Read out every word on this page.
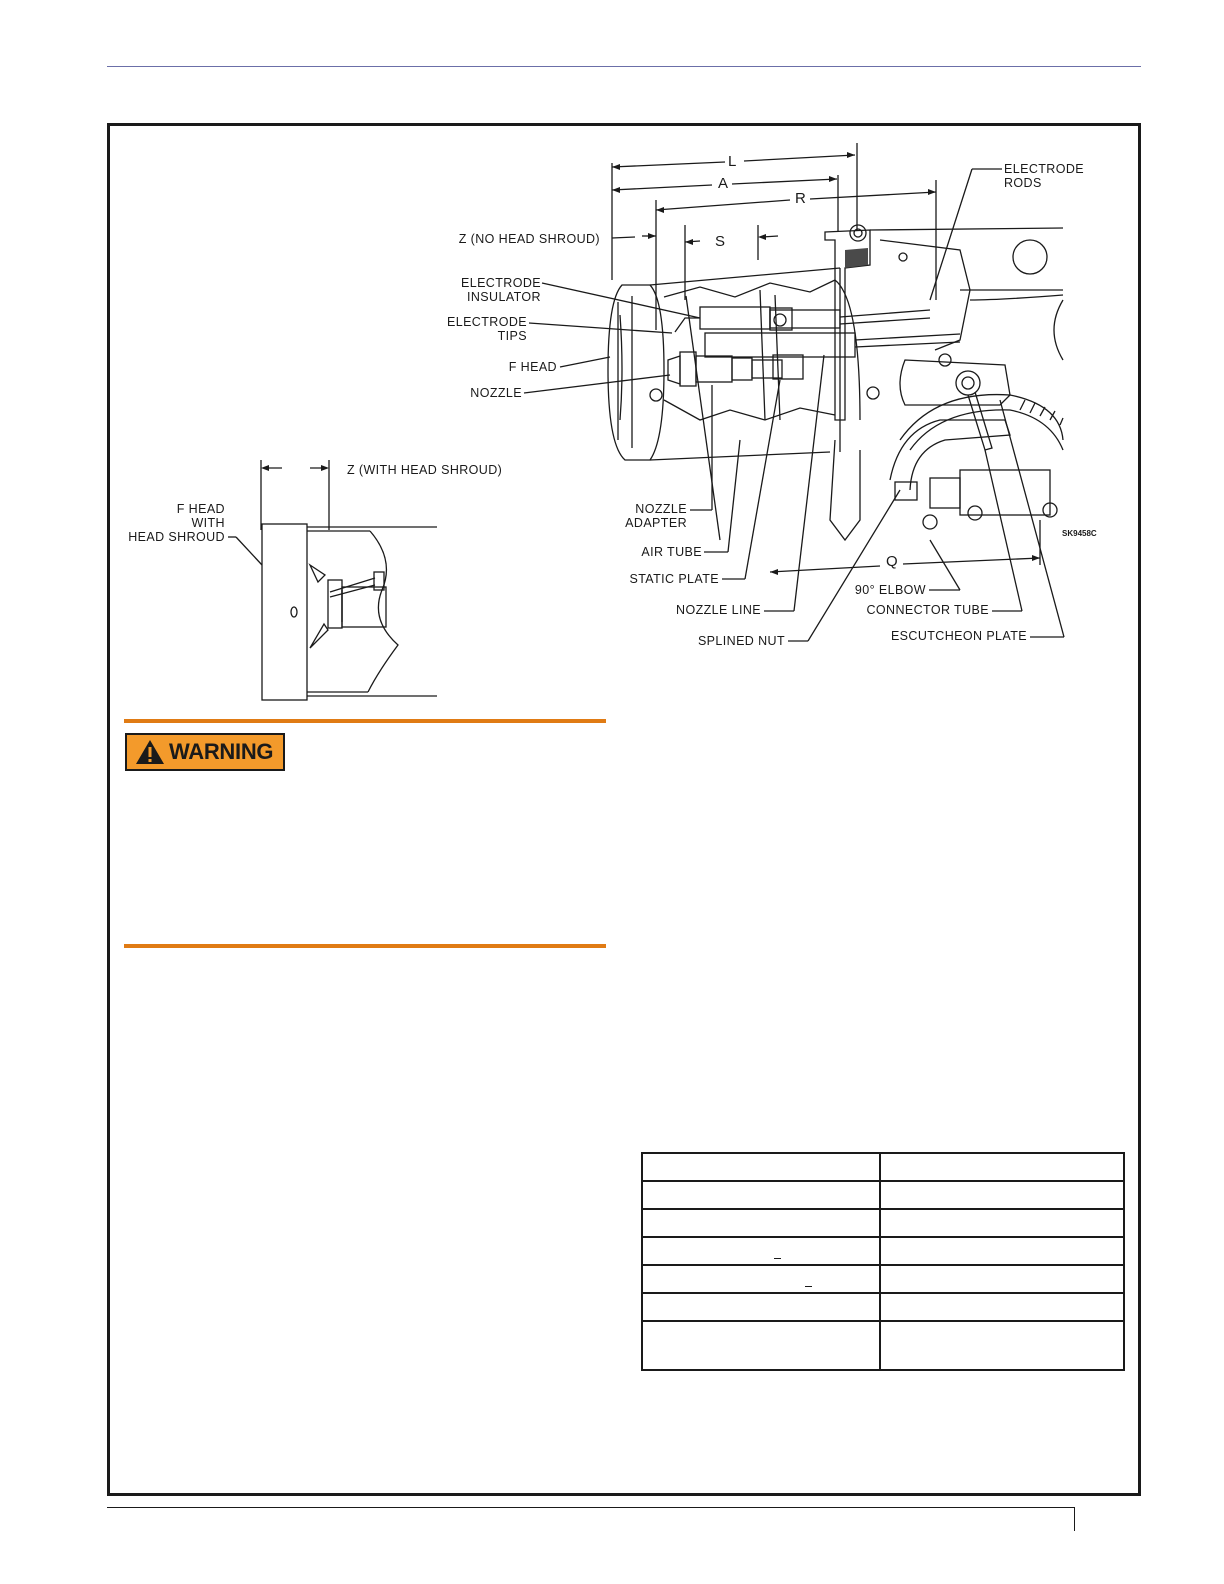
L
A
R
S
Q
Z (NO HEAD SHROUD)
ELECTRODE
RODS
ELECTRODE
INSULATOR
ELECTRODE
TIPS
F HEAD
NOZZLE
NOZZLE
ADAPTER
AIR TUBE
STATIC PLATE
NOZZLE LINE
SPLINED NUT
90° ELBOW
CONNECTOR TUBE
ESCUTCHEON PLATE
SK9458C
Z (WITH HEAD SHROUD)
F HEAD
WITH
HEAD SHROUD
WARNING
